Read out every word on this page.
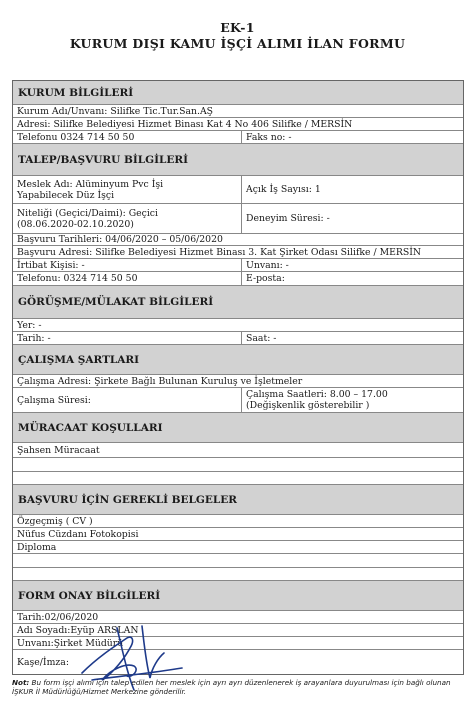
EK-1
KURUM DIŞI KAMU İŞÇİ ALIMI İLAN FORMU
KURUM BİLGİLERİ
Kurum Adı/Unvanı: Silifke Tic.Tur.San.AŞ
Adresi: Silifke Belediyesi Hizmet Binası Kat 4 No 406 Silifke / MERSİN
Telefonu 0324 714 50 50	Faks no: -
TALEP/BAŞVURU BİLGİLERİ
Meslek Adı: Alüminyum Pvc İşi
Yapabilecek Düz İşçi	Açık İş Sayısı: 1
Niteliği (Geçici/Daimi): Geçici
(08.06.2020-02.10.2020)	Deneyim Süresi: -
Başvuru Tarihleri: 04/06/2020 – 05/06/2020
Başvuru Adresi: Silifke Belediyesi Hizmet Binası 3. Kat Şirket Odası Silifke / MERSİN
İrtibat Kişisi: -	Unvanı: -
Telefonu: 0324 714 50 50	E-posta:
GÖRÜŞME/MÜLAKAT BİLGİLERİ
Yer: -
Tarih: -	Saat: -
ÇALIŞMA ŞARTLARI
Çalışma Adresi: Şirkete Bağlı Bulunan Kuruluş ve İşletmeler
Çalışma Süresi:	Çalışma Saatleri: 8.00 – 17.00
(Değişkenlik gösterebilir )
MÜRACAAT KOŞULLARI
Şahsen Müracaat
BAŞVURU İÇİN GEREKLİ BELGELER
Özgeçmiş ( CV )
Nüfus Cüzdanı Fotokopisi
Diploma
FORM ONAY BİLGİLERİ
Tarih:02/06/2020
Adı Soyadı:Eyüp ARSLAN
Unvanı:Şirket Müdürü
Kaşe/İmza:
Not: Bu form işçi alımı için talep edilen her meslek için ayrı ayrı düzenlenerek iş arayanlara duyurulması için bağlı olunan İŞKUR İl Müdürlüğü/Hizmet Merkezine gönderilir.
